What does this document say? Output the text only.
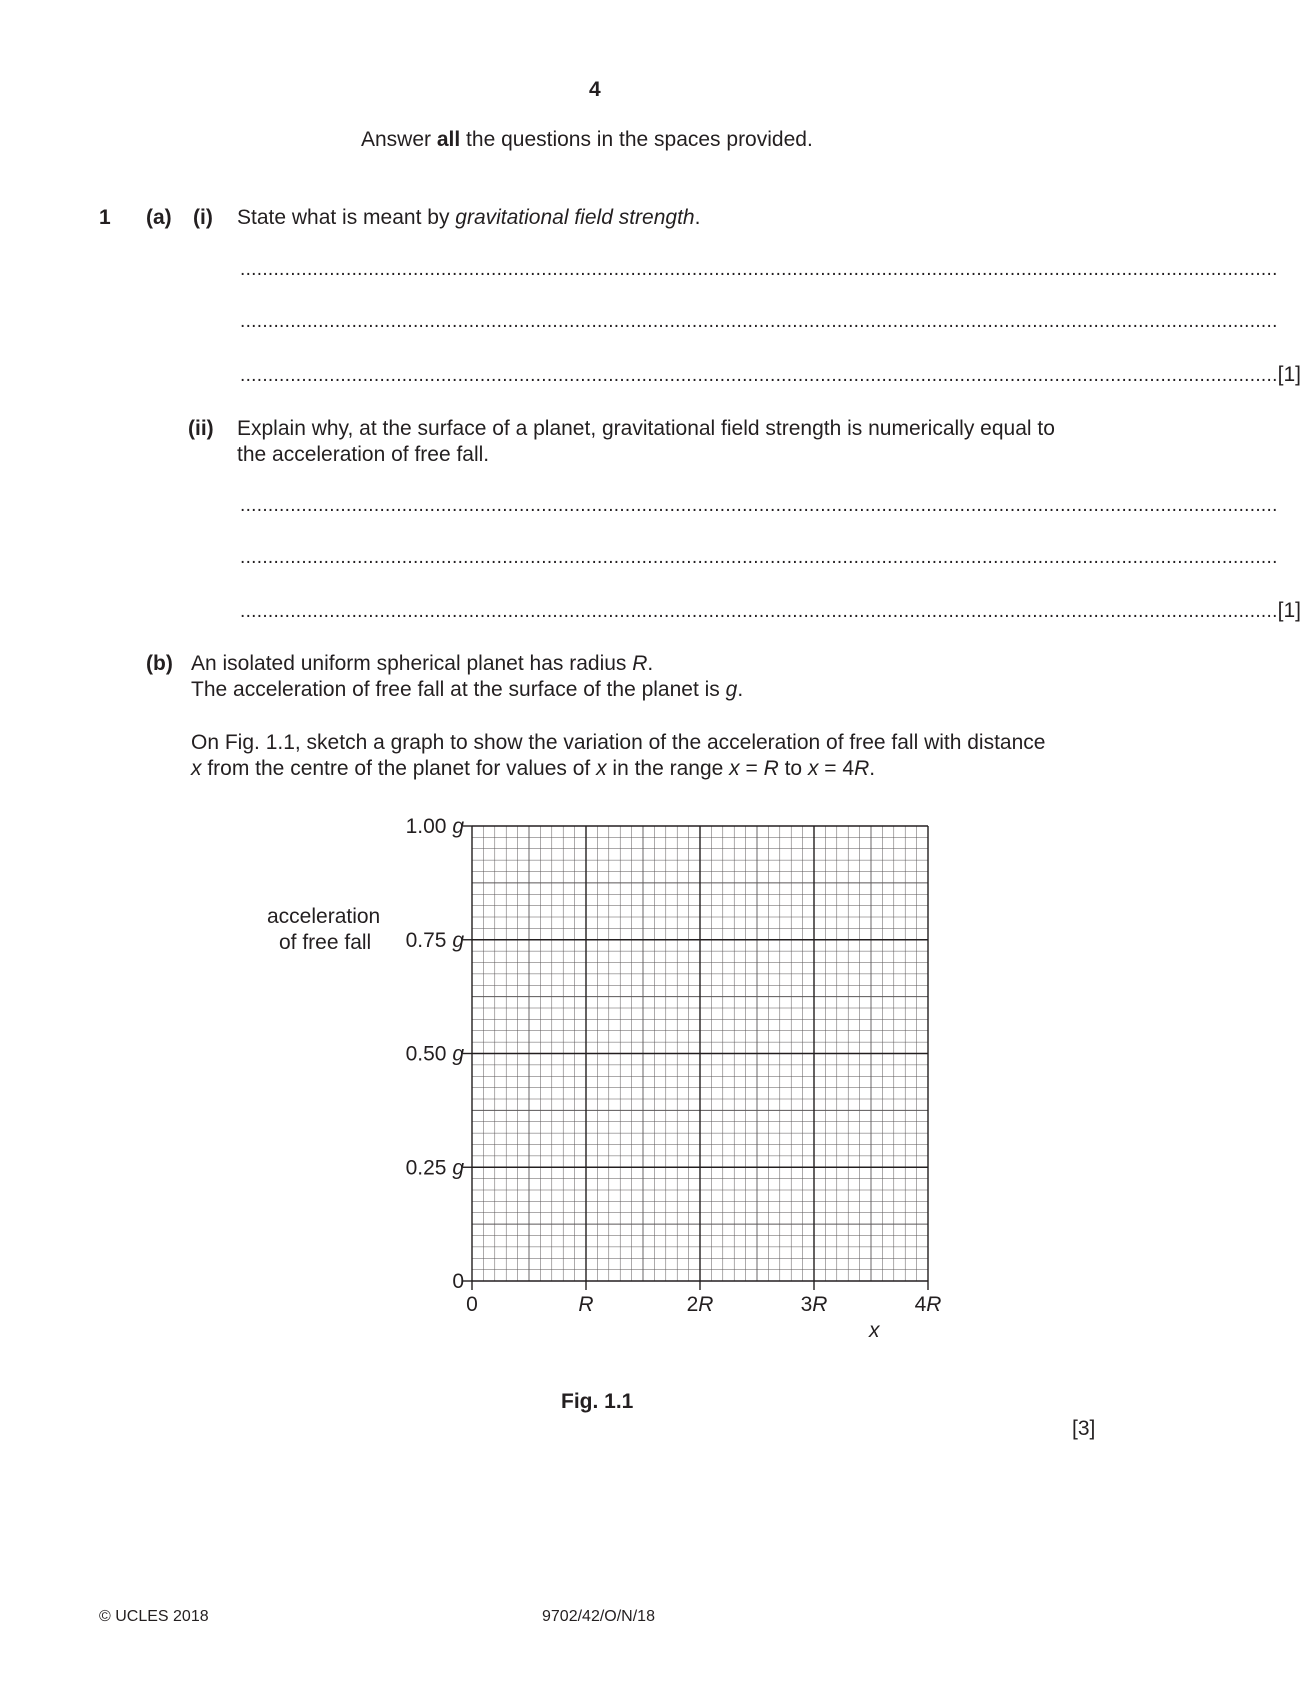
4
Answer all the questions in the spaces provided.
1 (a) (i) State what is meant by gravitational field strength.
..........................................................................................................................................................................................
..........................................................................................................................................................................................
.......................................................................................................................................................................................... [1]
(ii) Explain why, at the surface of a planet, gravitational field strength is numerically equal to
the acceleration of free fall.
..........................................................................................................................................................................................
..........................................................................................................................................................................................
.......................................................................................................................................................................................... [1]
(b) An isolated uniform spherical planet has radius R.
The acceleration of free fall at the surface of the planet is g.
On Fig. 1.1, sketch a graph to show the variation of the acceleration of free fall with distance
x from the centre of the planet for values of x in the range x = R to x = 4R.
acceleration
of free fall
1.00 g
0.75 g
0.50 g
0.25 g
0
0	R	2R	3R	4R
x
Fig. 1.1
[3]
© UCLES 2018	9702/42/O/N/18
